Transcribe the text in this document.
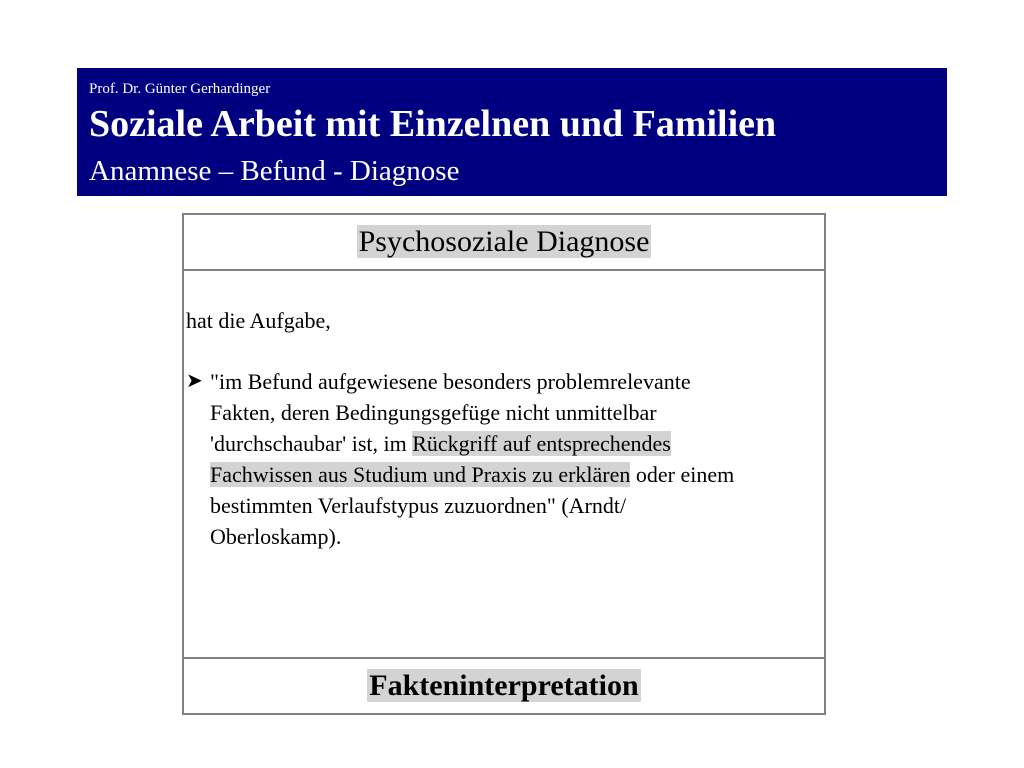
Prof. Dr. Günter Gerhardinger
Soziale Arbeit mit Einzelnen und Familien
Anamnese – Befund - Diagnose
Psychosoziale Diagnose
hat die Aufgabe,
➤ "im Befund aufgewiesene besonders problemrelevante
Fakten, deren Bedingungsgefüge nicht unmittelbar
'durchschaubar' ist, im Rückgriff auf entsprechendes
Fachwissen aus Studium und Praxis zu erklären oder einem
bestimmten Verlaufstypus zuzuordnen" (Arndt/
Oberloskamp).
Fakteninterpretation
